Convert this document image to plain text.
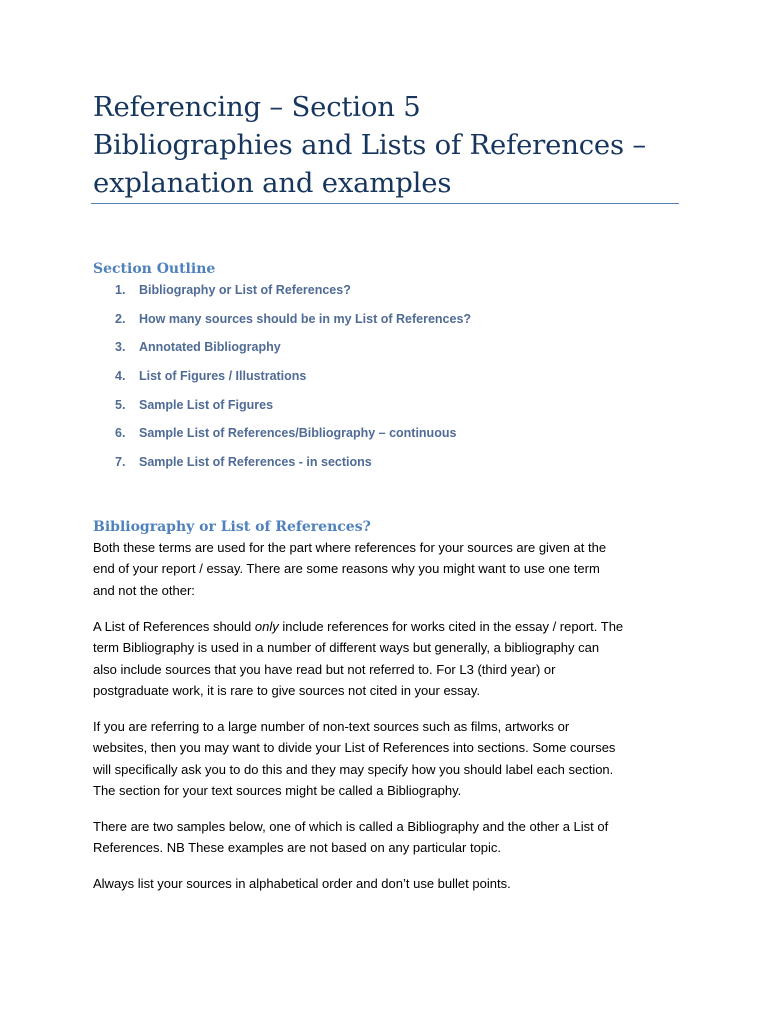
Referencing – Section 5
Bibliographies and Lists of References –
explanation and examples
Section Outline
1.	Bibliography or List of References?
2.	How many sources should be in my List of References?
3.	Annotated Bibliography
4.	List of Figures / Illustrations
5.	Sample List of Figures
6.	Sample List of References/Bibliography – continuous
7.	Sample List of References - in sections
Bibliography or List of References?

Both these terms are used for the part where references for your sources are given at the
end of your report / essay. There are some reasons why you might want to use one term
and not the other:

A List of References should only include references for works cited in the essay / report. The
term Bibliography is used in a number of different ways but generally, a bibliography can
also include sources that you have read but not referred to. For L3 (third year) or
postgraduate work, it is rare to give sources not cited in your essay.

If you are referring to a large number of non-text sources such as films, artworks or
websites, then you may want to divide your List of References into sections. Some courses
will specifically ask you to do this and they may specify how you should label each section.
The section for your text sources might be called a Bibliography.

There are two samples below, one of which is called a Bibliography and the other a List of
References. NB These examples are not based on any particular topic.

Always list your sources in alphabetical order and don’t use bullet points.
